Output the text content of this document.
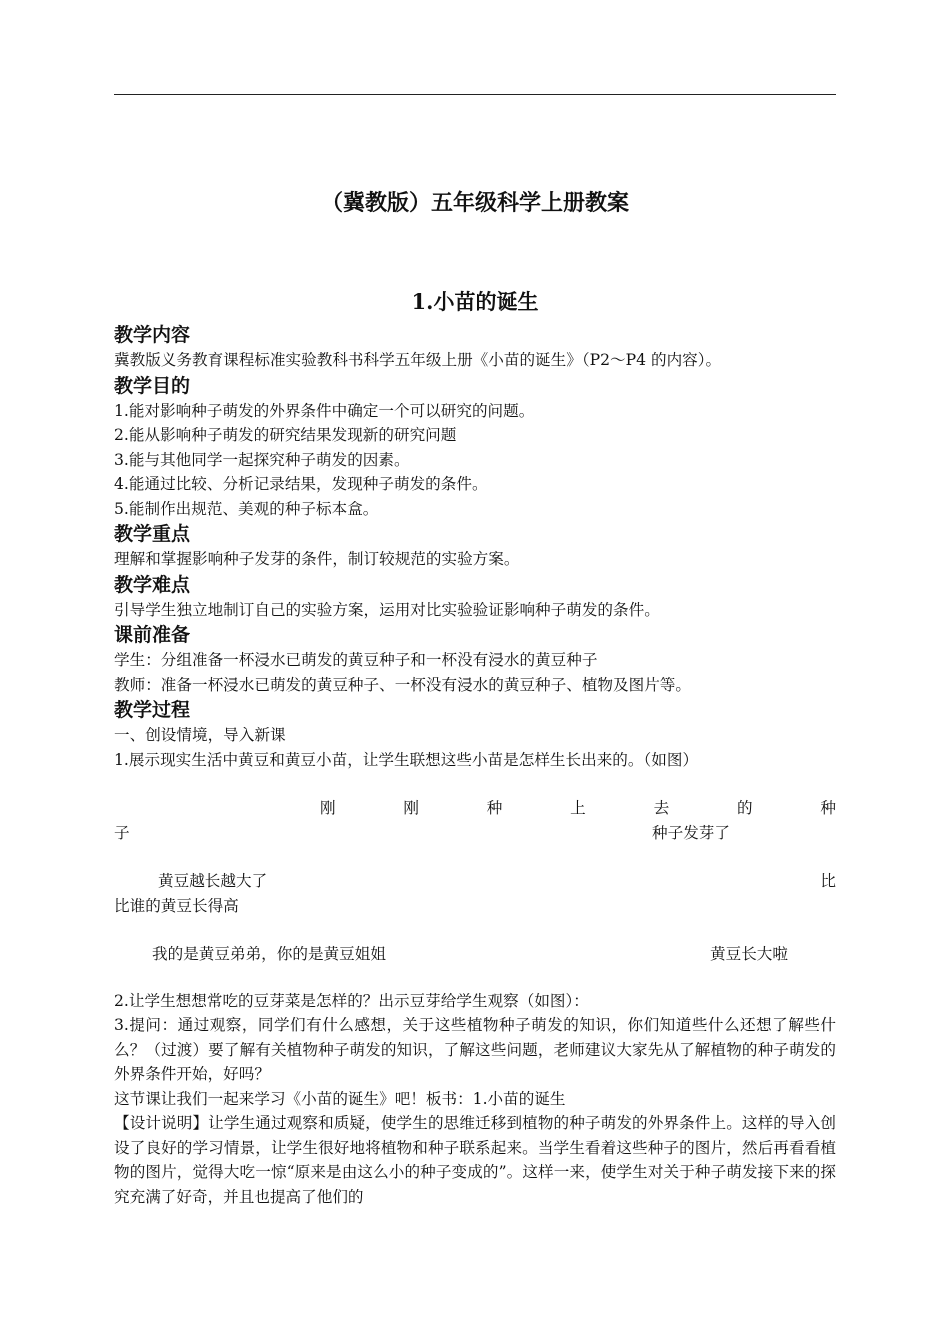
（冀教版）五年级科学上册教案
1.小苗的诞生
教学内容
冀教版义务教育课程标准实验教科书科学五年级上册《小苗的诞生》（P2～P4 的内容）。
教学目的
1.能对影响种子萌发的外界条件中确定一个可以研究的问题。
2.能从影响种子萌发的研究结果发现新的研究问题
3.能与其他同学一起探究种子萌发的因素。
4.能通过比较、分析记录结果，发现种子萌发的条件。
5.能制作出规范、美观的种子标本盒。
教学重点
理解和掌握影响种子发芽的条件，制订较规范的实验方案。
教学难点
引导学生独立地制订自己的实验方案，运用对比实验验证影响种子萌发的条件。
课前准备
学生：分组准备一杯浸水已萌发的黄豆种子和一杯没有浸水的黄豆种子
教师：准备一杯浸水已萌发的黄豆种子、一杯没有浸水的黄豆种子、植物及图片等。
教学过程
一、创设情境，导入新课
1.展示现实生活中黄豆和黄豆小苗，让学生联想这些小苗是怎样生长出来的。（如图）
刚	刚	种	上	去	的	种
子	种子发芽了
黄豆越长越大了	比
比谁的黄豆长得高
我的是黄豆弟弟，你的是黄豆姐姐	黄豆长大啦
2.让学生想想常吃的豆芽菜是怎样的？出示豆芽给学生观察（如图）：
3.提问：通过观察，同学们有什么感想，关于这些植物种子萌发的知识，你们知道些什么还想了解些什么？（过渡）要了解有关植物种子萌发的知识，了解这些问题，老师建议大家先从了解植物的种子萌发的外界条件开始，好吗？
这节课让我们一起来学习《小苗的诞生》吧！板书：1.小苗的诞生
【设计说明】让学生通过观察和质疑，使学生的思维迁移到植物的种子萌发的外界条件上。这样的导入创设了良好的学习情景，让学生很好地将植物和种子联系起来。当学生看着这些种子的图片，然后再看看植物的图片，觉得大吃一惊“原来是由这么小的种子变成的”。这样一来，使学生对关于种子萌发接下来的探究充满了好奇，并且也提高了他们的
